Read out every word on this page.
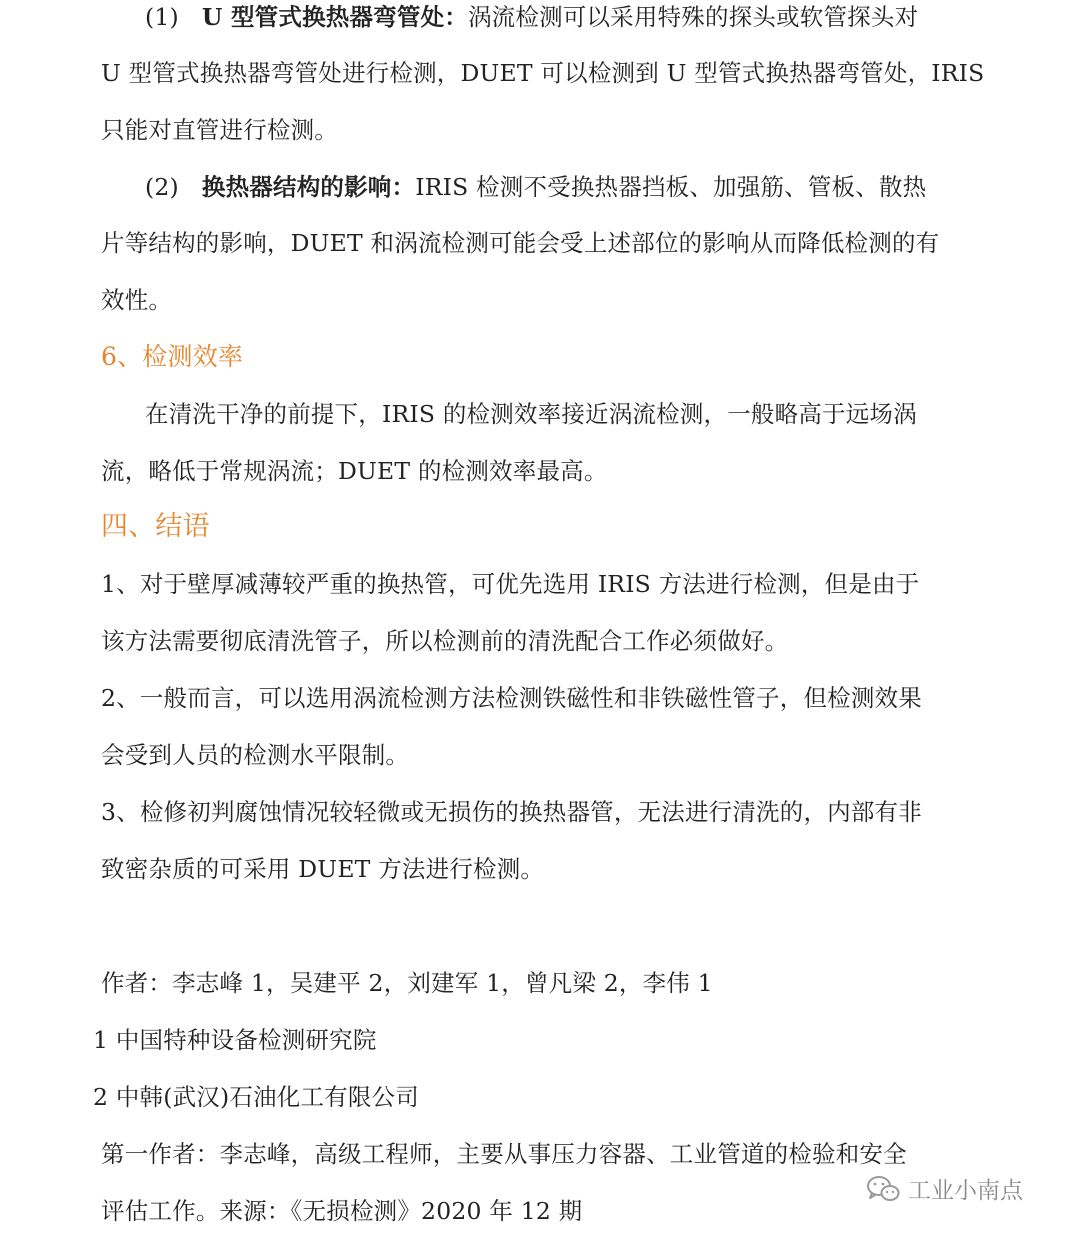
(1) U 型管式换热器弯管处：涡流检测可以采用特殊的探头或软管探头对
U 型管式换热器弯管处进行检测，DUET 可以检测到 U 型管式换热器弯管处，IRIS
只能对直管进行检测。
(2) 换热器结构的影响：IRIS 检测不受换热器挡板、加强筋、管板、散热
片等结构的影响，DUET 和涡流检测可能会受上述部位的影响从而降低检测的有
效性。
6、检测效率
在清洗干净的前提下，IRIS 的检测效率接近涡流检测，一般略高于远场涡
流，略低于常规涡流；DUET 的检测效率最高。
四、结语
1、对于壁厚减薄较严重的换热管，可优先选用 IRIS 方法进行检测，但是由于
该方法需要彻底清洗管子，所以检测前的清洗配合工作必须做好。
2、一般而言，可以选用涡流检测方法检测铁磁性和非铁磁性管子，但检测效果
会受到人员的检测水平限制。
3、检修初判腐蚀情况较轻微或无损伤的换热器管，无法进行清洗的，内部有非
致密杂质的可采用 DUET 方法进行检测。
作者：李志峰 1，吴建平 2，刘建军 1，曾凡梁 2，李伟 1
1 中国特种设备检测研究院
2 中韩(武汉)石油化工有限公司
第一作者：李志峰，高级工程师，主要从事压力容器、工业管道的检验和安全
评估工作。来源：《无损检测》2020 年 12 期
工业小南点
